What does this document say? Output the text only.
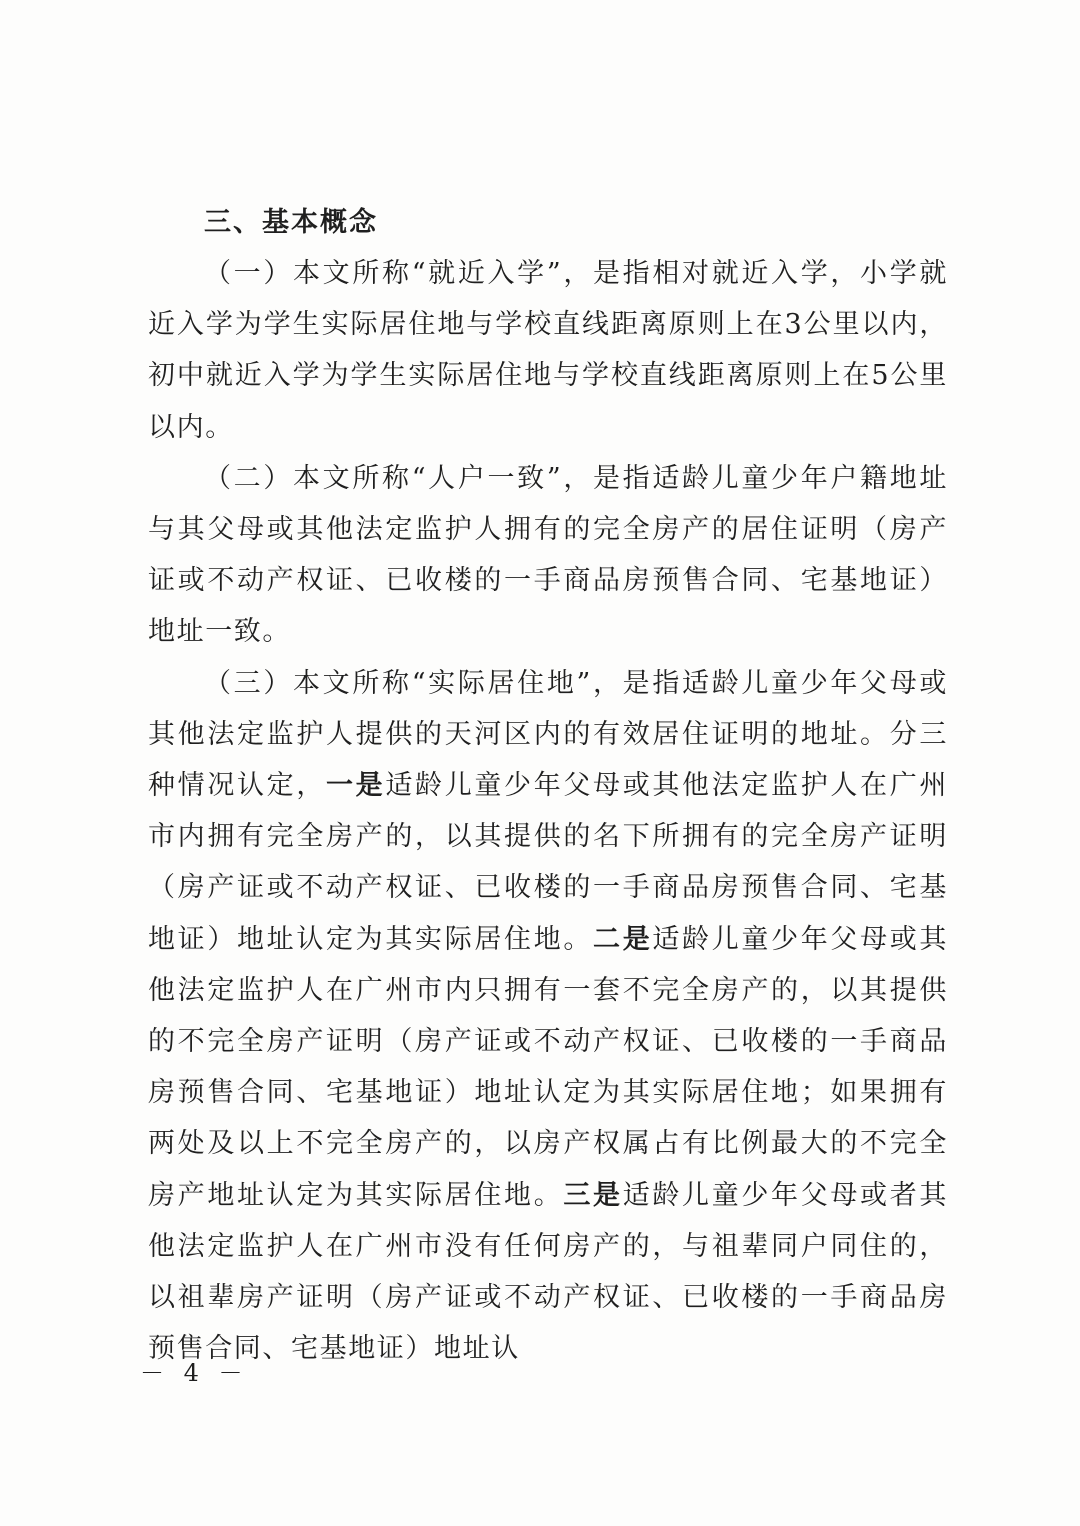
三、基本概念

（一）本文所称“就近入学”，是指相对就近入学，小学就近入学为学生实际居住地与学校直线距离原则上在3公里以内，初中就近入学为学生实际居住地与学校直线距离原则上在5公里以内。

（二）本文所称“人户一致”，是指适龄儿童少年户籍地址与其父母或其他法定监护人拥有的完全房产的居住证明（房产证或不动产权证、已收楼的一手商品房预售合同、宅基地证）地址一致。

（三）本文所称“实际居住地”，是指适龄儿童少年父母或其他法定监护人提供的天河区内的有效居住证明的地址。分三种情况认定，一是适龄儿童少年父母或其他法定监护人在广州市内拥有完全房产的，以其提供的名下所拥有的完全房产证明（房产证或不动产权证、已收楼的一手商品房预售合同、宅基地证）地址认定为其实际居住地。二是适龄儿童少年父母或其他法定监护人在广州市内只拥有一套不完全房产的，以其提供的不完全房产证明（房产证或不动产权证、已收楼的一手商品房预售合同、宅基地证）地址认定为其实际居住地；如果拥有两处及以上不完全房产的，以房产权属占有比例最大的不完全房产地址认定为其实际居住地。三是适龄儿童少年父母或者其他法定监护人在广州市没有任何房产的，与祖辈同户同住的，以祖辈房产证明（房产证或不动产权证、已收楼的一手商品房预售合同、宅基地证）地址认

－ 4 －
